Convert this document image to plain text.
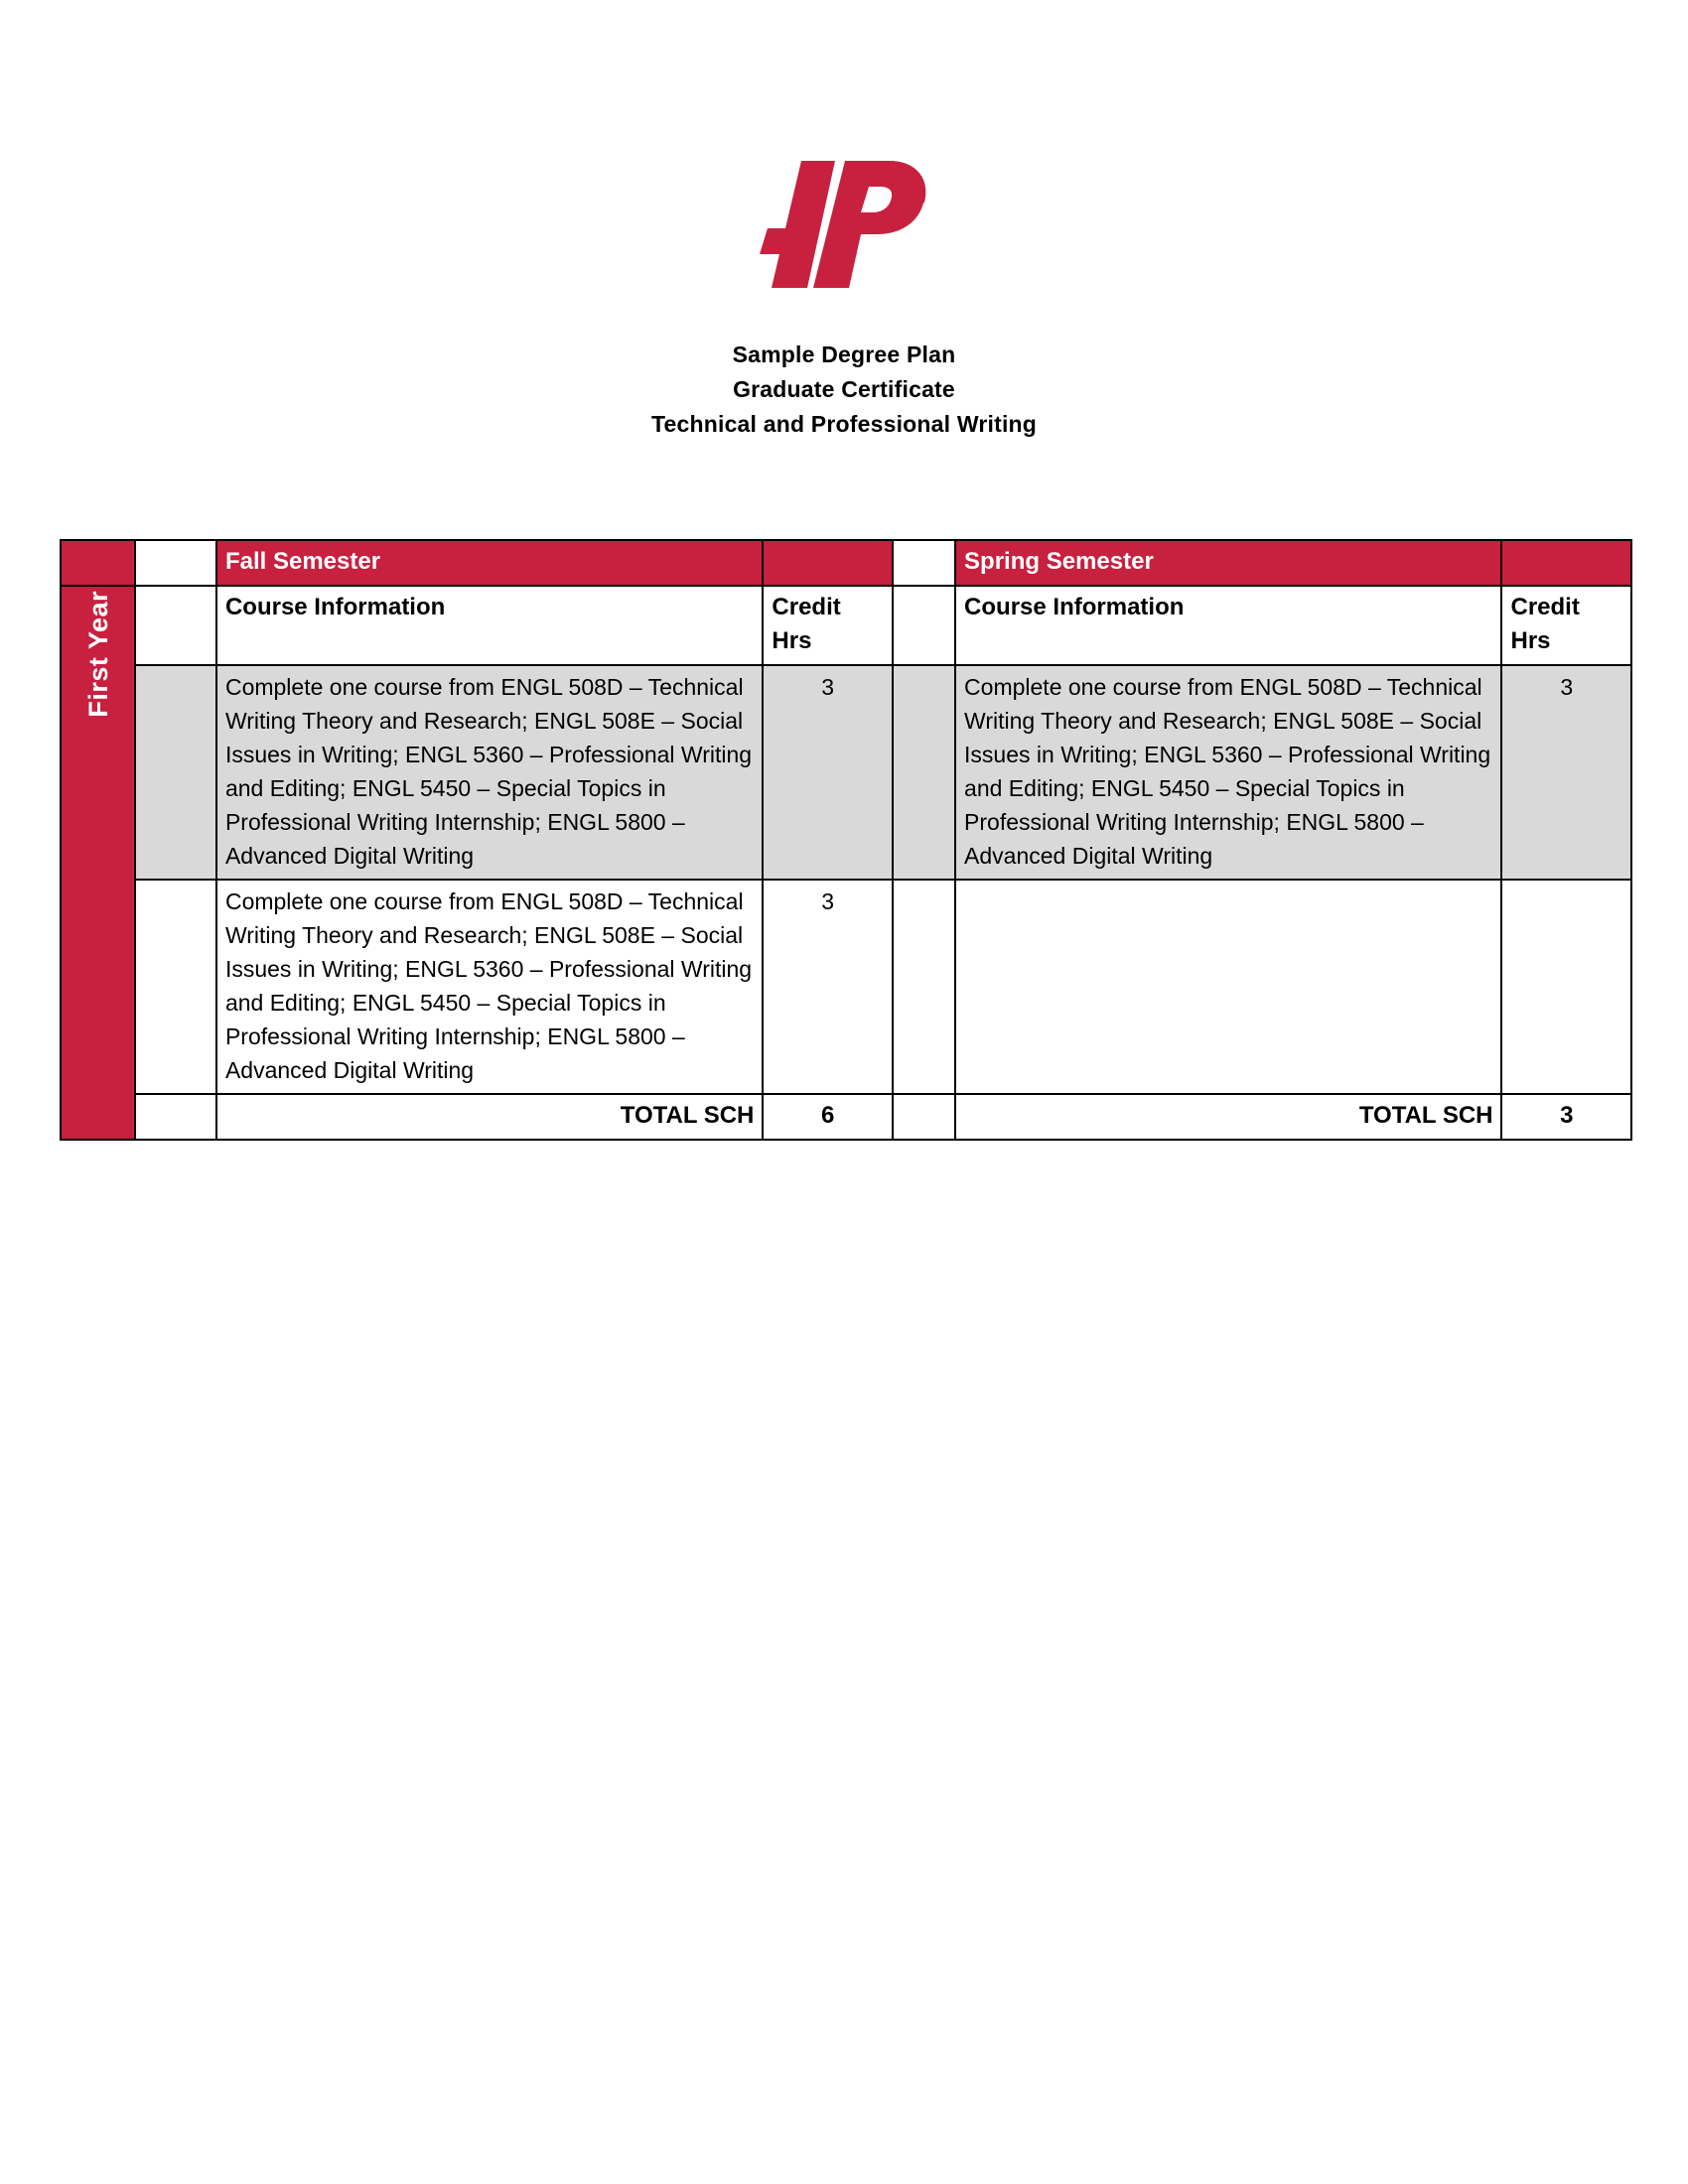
Sample Degree Plan
Graduate Certificate
Technical and Professional Writing
		Fall Semester			Spring Semester	
First Year		Course Information	Credit Hrs		Course Information	Credit Hrs
	Complete one course from ENGL 508D – Technical Writing Theory and Research; ENGL 508E – Social Issues in Writing; ENGL 5360 – Professional Writing and Editing; ENGL 5450 – Special Topics in Professional Writing Internship; ENGL 5800 – Advanced Digital Writing	3		Complete one course from ENGL 508D – Technical Writing Theory and Research; ENGL 508E – Social Issues in Writing; ENGL 5360 – Professional Writing and Editing; ENGL 5450 – Special Topics in Professional Writing Internship; ENGL 5800 – Advanced Digital Writing	3
		Complete one course from ENGL 508D – Technical Writing Theory and Research; ENGL 508E – Social Issues in Writing; ENGL 5360 – Professional Writing and Editing; ENGL 5450 – Special Topics in Professional Writing Internship; ENGL 5800 – Advanced Digital Writing	3			
		TOTAL SCH	6		TOTAL SCH	3
